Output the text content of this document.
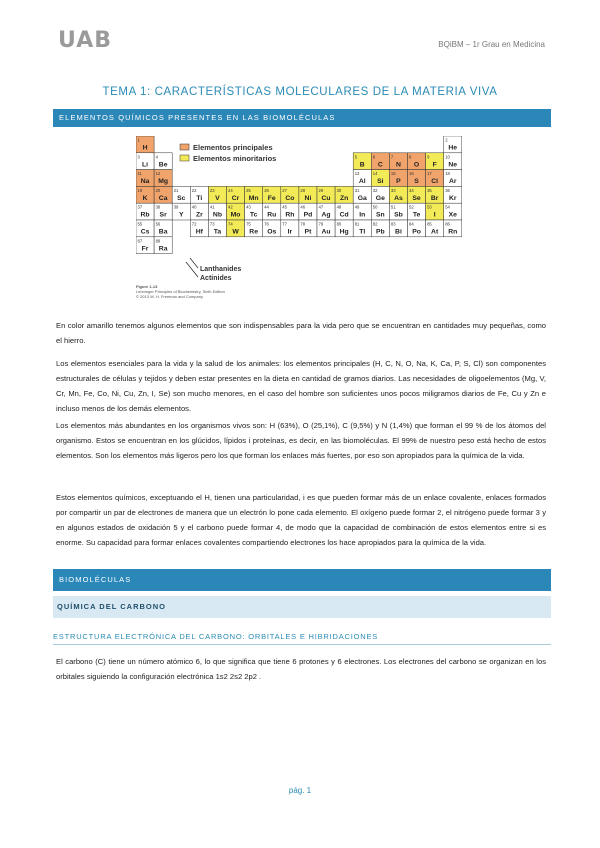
UAB	BQiBM – 1r Grau en Medicina
TEMA 1: CARACTERÍSTICAS MOLECULARES DE LA MATERIA VIVA
ELEMENTOS QUÍMICOS PRESENTES EN LAS BIOMOLÉCULAS
1
H
2
He
3
Li
4
Be
5
B
6
C
7
N
8
O
9
F
10
Ne
11
Na
12
Mg
13
Al
14
Si
15
P
16
S
17
Cl
18
Ar
19
K
20
Ca
21
Sc
22
Ti
23
V
24
Cr
25
Mn
26
Fe
27
Co
28
Ni
29
Cu
30
Zn
31
Ga
32
Ge
33
As
34
Se
35
Br
36
Kr
37
Rb
38
Sr
39
Y
40
Zr
41
Nb
42
Mo
43
Tc
44
Ru
45
Rh
46
Pd
47
Ag
48
Cd
49
In
50
Sn
51
Sb
52
Te
53
I
54
Xe
55
Cs
56
Ba
72
Hf
73
Ta
74
W
75
Re
76
Os
77
Ir
78
Pt
79
Au
80
Hg
81
Tl
82
Pb
83
Bi
84
Po
85
At
86
Rn
87
Fr
88
Ra
Elementos principales
Elementos minoritarios
Lanthanides
Actinides
Figure 1-13
Lehninger Principles of Biochemistry, Sixth Edition
© 2013 W. H. Freeman and Company
En color amarillo tenemos algunos elementos que son indispensables para la vida pero que se encuentran en cantidades muy pequeñas, como el hierro.
Los elementos esenciales para la vida y la salud de los animales: los elementos principales (H, C, N, O, Na, K, Ca, P, S, Cl) son componentes estructurales de células y tejidos y deben estar presentes en la dieta en cantidad de gramos diarios. Las necesidades de oligoelementos (Mg, V, Cr, Mn, Fe, Co, Ni, Cu, Zn, I, Se) son mucho menores, en el caso del hombre son suficientes unos pocos miligramos diarios de Fe, Cu y Zn e incluso menos de los demás elementos.
Los elementos más abundantes en los organismos vivos son: H (63%), O (25,1%), C (9,5%) y N (1,4%) que forman el 99 % de los átomos del organismo. Estos se encuentran en los glúcidos, lípidos i proteínas, es decir, en las biomoléculas. El 99% de nuestro peso está hecho de estos elementos. Son los elementos más ligeros pero los que forman los enlaces más fuertes, por eso son apropiados para la química de la vida.
Estos elementos químicos, exceptuando el H, tienen una particularidad, i es que pueden formar más de un enlace covalente, enlaces formados por compartir un par de electrones de manera que un electrón lo pone cada elemento. El oxígeno puede formar 2, el nitrógeno puede formar 3 y en algunos estados de oxidación 5 y el carbono puede formar 4, de modo que la capacidad de combinación de estos elementos entre si es enorme. Su capacidad para formar enlaces covalentes compartiendo electrones los hace apropiados para la química de la vida.
BIOMOLÉCULAS
QUÍMICA DEL CARBONO
ESTRUCTURA ELECTRÓNICA DEL CARBONO: ORBITALES E HIBRIDACIONES
El carbono (C) tiene un número atómico 6, lo que significa que tiene 6 protones y 6 electrones. Los electrones del carbono se organizan en los orbitales siguiendo la configuración electrónica 1s2 2s2 2p2 .
pág. 1
